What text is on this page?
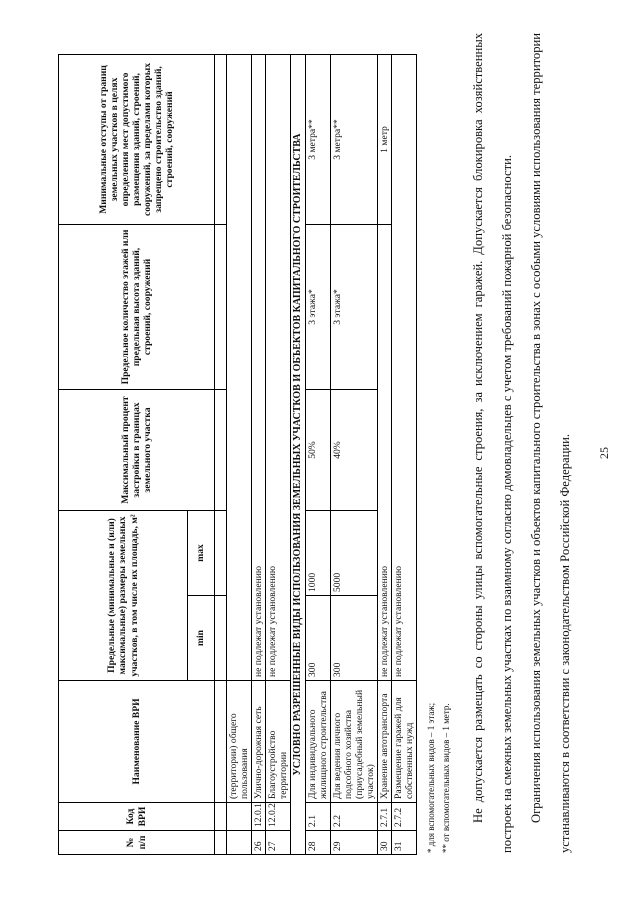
25
№ п/п	Код ВРИ	Наименование ВРИ	Предельные (минимальные и (или) максимальные) размеры земельных участков, в том числе их площадь, м²		Максимальный процент застройки в границах земельного участка	Предельное количество этажей или предельная высота зданий, строений, сооружений	Минимальные отступы от границ земельных участков в целях определения мест допустимого размещения зданий, строений, сооружений, за пределами которых запрещено строительство зданий, строений, сооружений
			min	max			

		(территории) общего пользования					
26	12.0.1	Улично-дорожная сеть	не подлежат установлению				
27	12.0.2	Благоустройство территории	не подлежат установлению				
УСЛОВНО РАЗРЕШЕННЫЕ ВИДЫ ИСПОЛЬЗОВАНИЯ ЗЕМЕЛЬНЫХ УЧАСТКОВ И ОБЪЕКТОВ КАПИТАЛЬНОГО СТРОИТЕЛЬСТВА							
28	2.1	Для индивидуального жилищного строительства	300	1000	50%	3 этажа*	3 метра**
29	2.2	Для ведения личного подсобного хозяйства (приусадебный земельный участок)	300	5000	40%	3 этажа*	3 метра**
30	2.7.1	Хранение автотранспорта	не подлежат установлению				1 метр
31	2.7.2	Размещение гаражей для собственных нужд	не подлежат установлению				
* для вспомогательных видов – 1 этаж; ** от вспомогательных видов – 1 метр.	Не допускается размещать со стороны улицы вспомогательные строения, за исключением гаражей. Допускается блокировка хозяйственных построек на смежных земельных участках по взаимному согласию домовладельцев с учетом требований пожарной безопасности.	Ограничения использования земельных участков и объектов капитального строительства в зонах с особыми условиями использования территории устанавливаются в соответствии с законодательством Российской Федерации.
